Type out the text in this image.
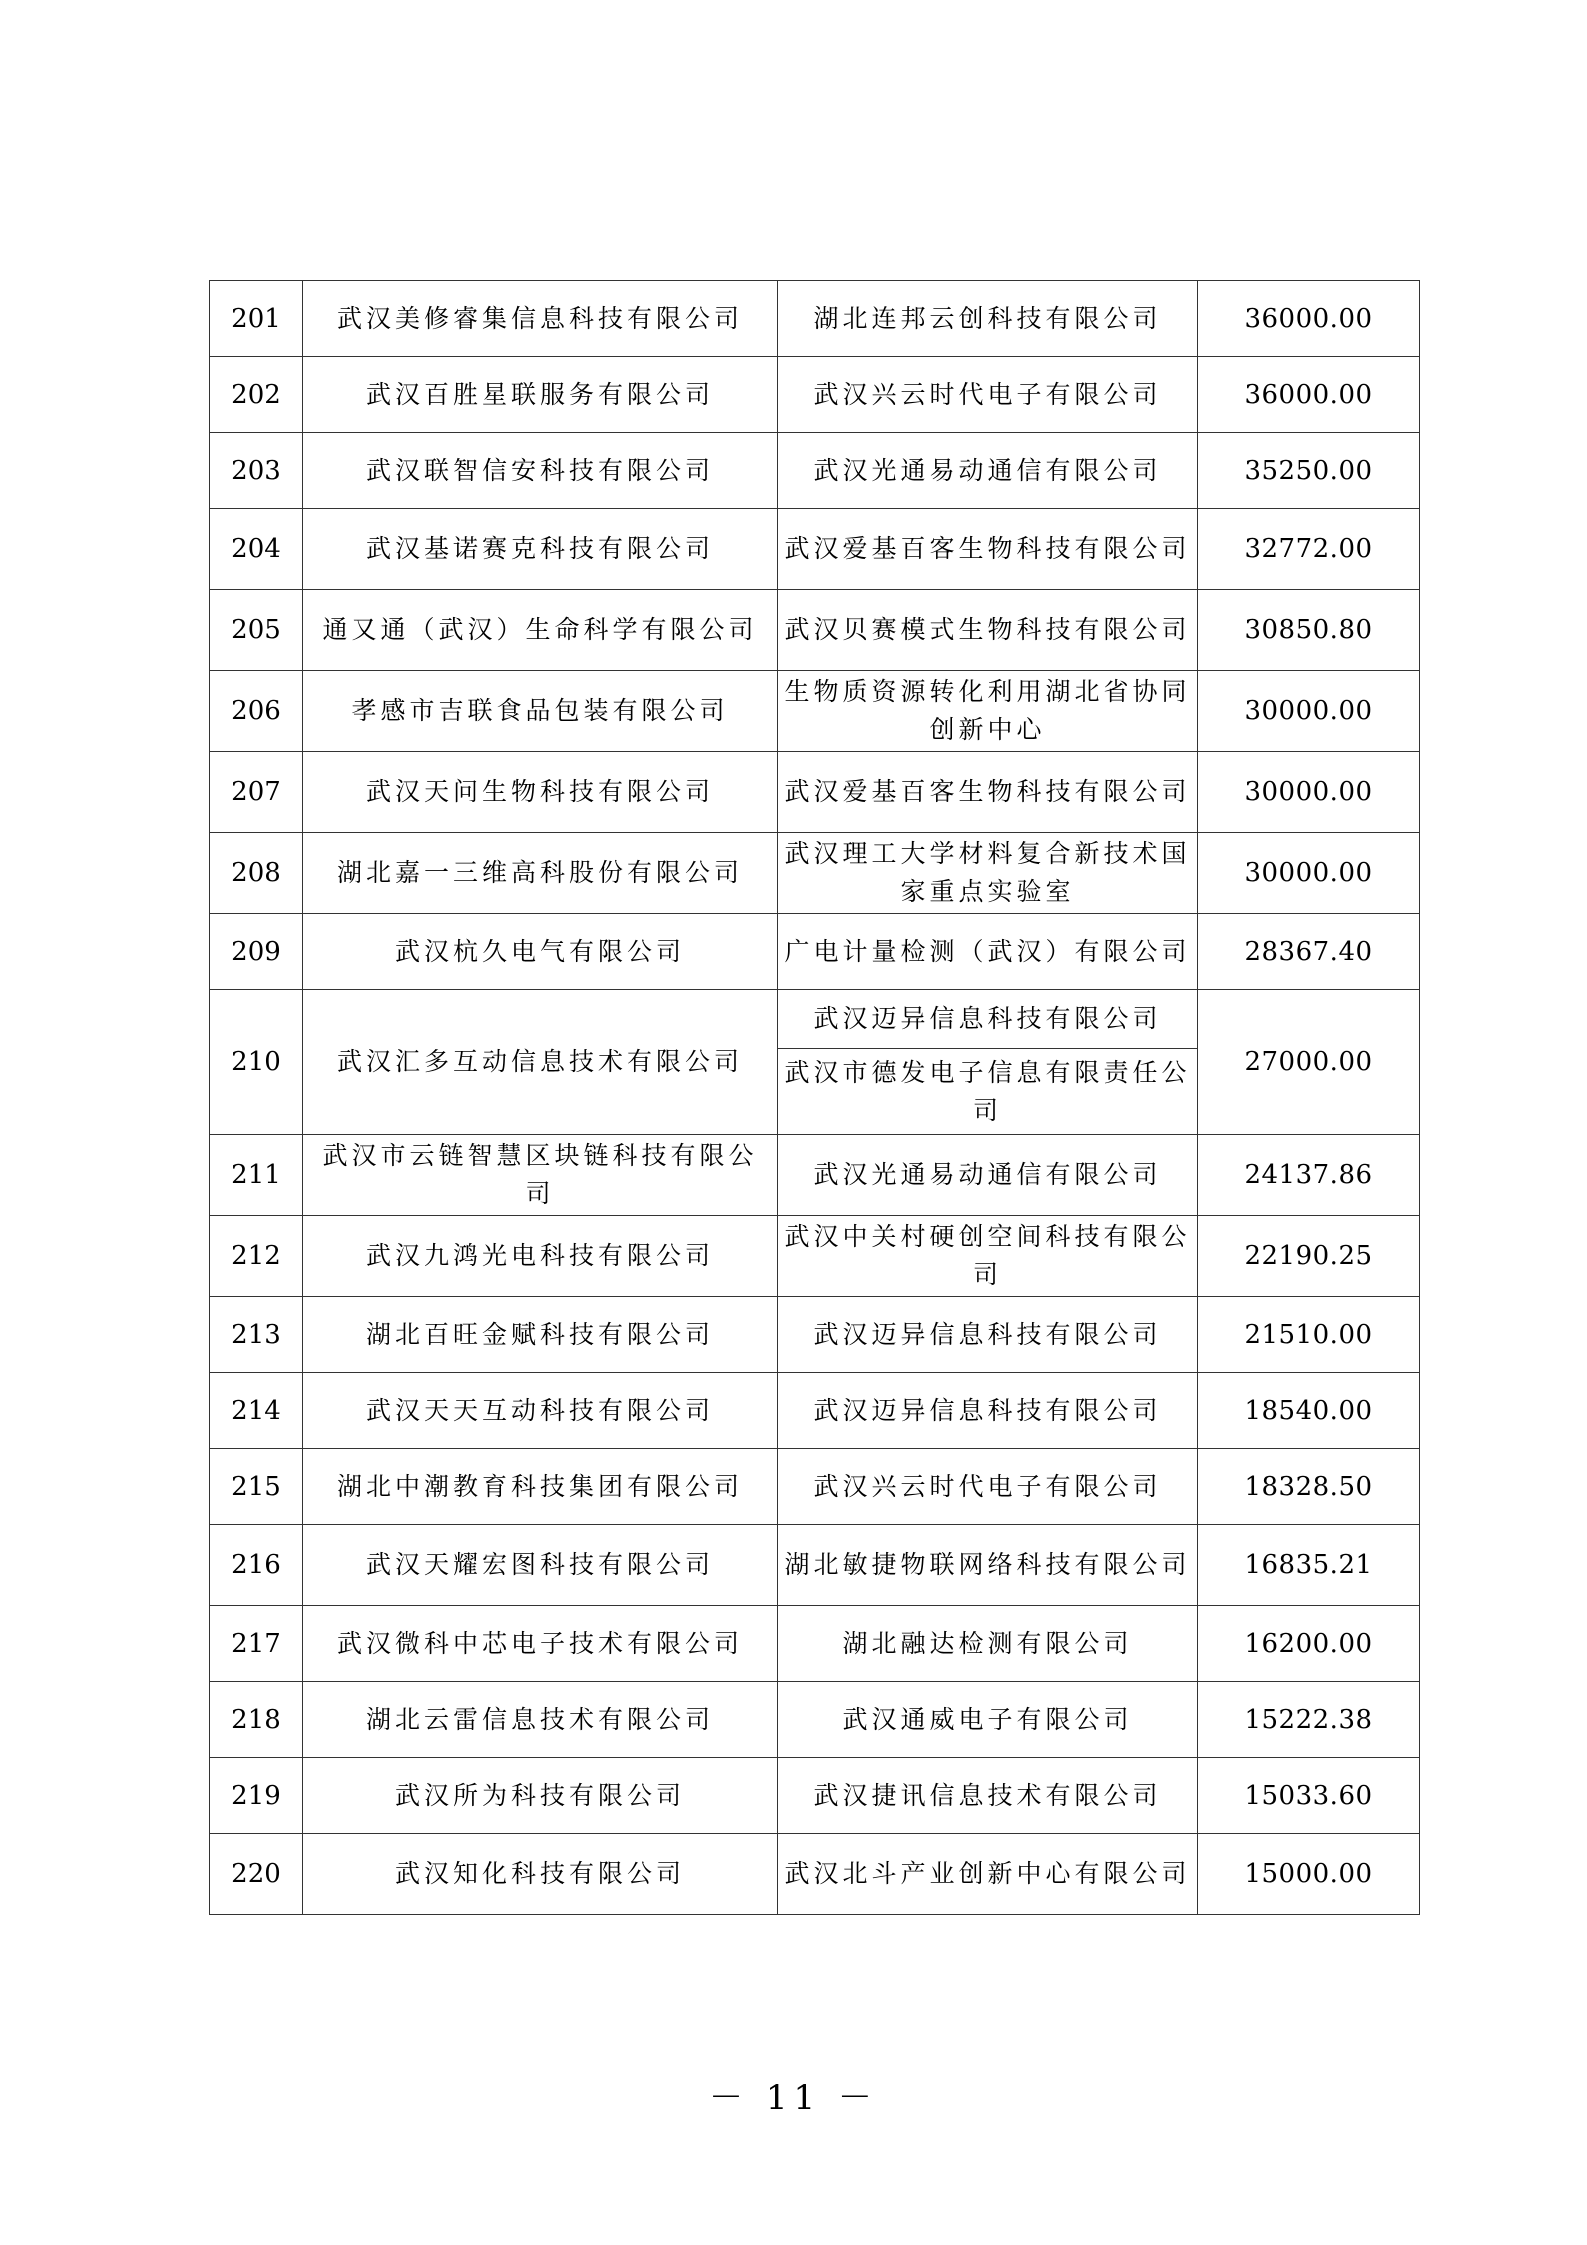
201	武汉美修睿集信息科技有限公司	湖北连邦云创科技有限公司	36000.00
202	武汉百胜星联服务有限公司	武汉兴云时代电子有限公司	36000.00
203	武汉联智信安科技有限公司	武汉光通易动通信有限公司	35250.00
204	武汉基诺赛克科技有限公司	武汉爱基百客生物科技有限公司	32772.00
205	通又通（武汉）生命科学有限公司	武汉贝赛模式生物科技有限公司	30850.80
206	孝感市吉联食品包装有限公司	生物质资源转化利用湖北省协同创新中心	30000.00
207	武汉天问生物科技有限公司	武汉爱基百客生物科技有限公司	30000.00
208	湖北嘉一三维高科股份有限公司	武汉理工大学材料复合新技术国家重点实验室	30000.00
209	武汉杭久电气有限公司	广电计量检测（武汉）有限公司	28367.40
210	武汉汇多互动信息技术有限公司	武汉迈异信息科技有限公司	27000.00
		武汉市德发电子信息有限责任公司	
211	武汉市云链智慧区块链科技有限公司	武汉光通易动通信有限公司	24137.86
212	武汉九鸿光电科技有限公司	武汉中关村硬创空间科技有限公司	22190.25
213	湖北百旺金赋科技有限公司	武汉迈异信息科技有限公司	21510.00
214	武汉天天互动科技有限公司	武汉迈异信息科技有限公司	18540.00
215	湖北中潮教育科技集团有限公司	武汉兴云时代电子有限公司	18328.50
216	武汉天耀宏图科技有限公司	湖北敏捷物联网络科技有限公司	16835.21
217	武汉微科中芯电子技术有限公司	湖北融达检测有限公司	16200.00
218	湖北云雷信息技术有限公司	武汉通威电子有限公司	15222.38
219	武汉所为科技有限公司	武汉捷讯信息技术有限公司	15033.60
220	武汉知化科技有限公司	武汉北斗产业创新中心有限公司	15000.00
－ 11 －
